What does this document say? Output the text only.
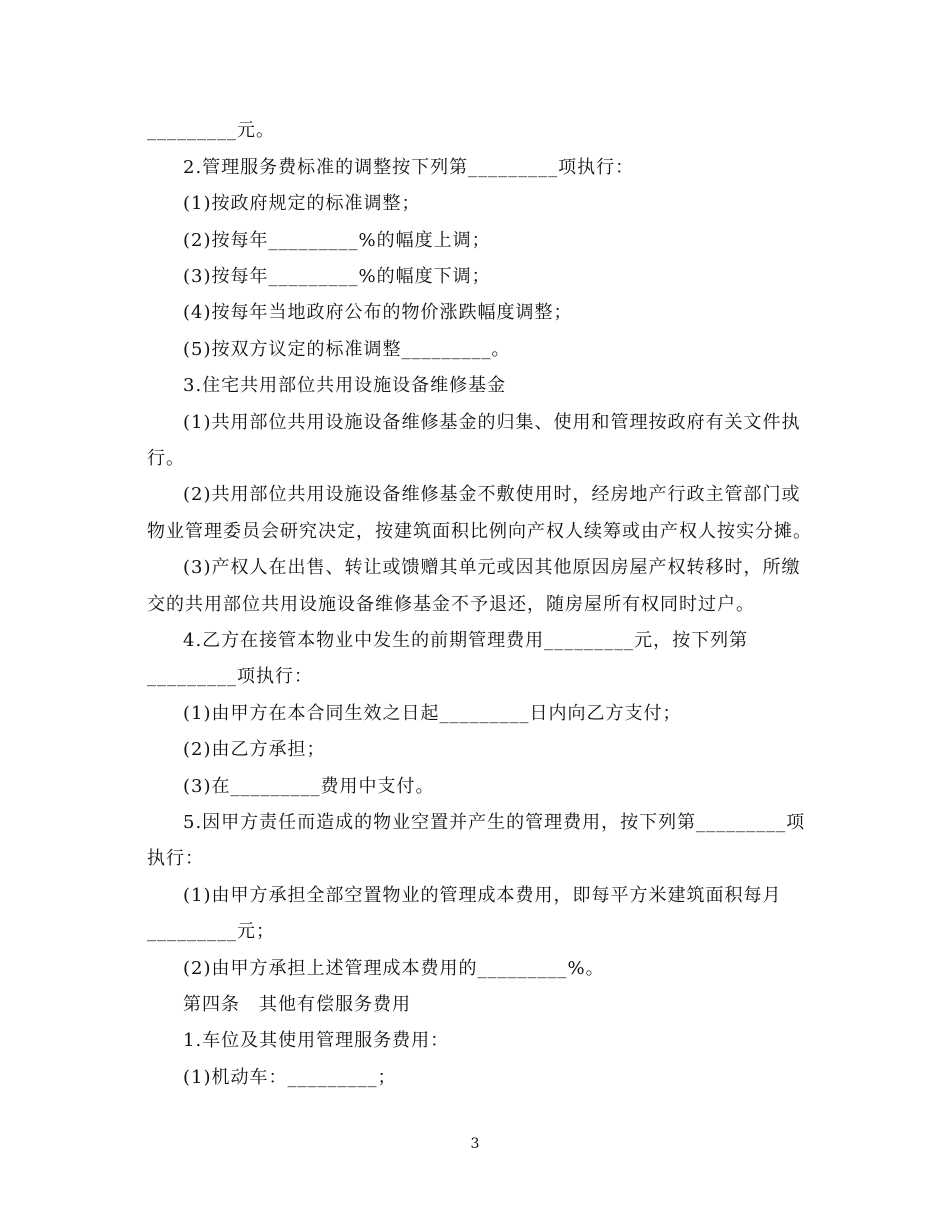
_________元。
2.管理服务费标准的调整按下列第_________项执行：
(1)按政府规定的标准调整；
(2)按每年_________%的幅度上调；
(3)按每年_________%的幅度下调；
(4)按每年当地政府公布的物价涨跌幅度调整；
(5)按双方议定的标准调整_________。
3.住宅共用部位共用设施设备维修基金
(1)共用部位共用设施设备维修基金的归集、使用和管理按政府有关文件执
行。
(2)共用部位共用设施设备维修基金不敷使用时，经房地产行政主管部门或
物业管理委员会研究决定，按建筑面积比例向产权人续筹或由产权人按实分摊。
(3)产权人在出售、转让或馈赠其单元或因其他原因房屋产权转移时，所缴
交的共用部位共用设施设备维修基金不予退还，随房屋所有权同时过户。
4.乙方在接管本物业中发生的前期管理费用_________元，按下列第
_________项执行：
(1)由甲方在本合同生效之日起_________日内向乙方支付；
(2)由乙方承担；
(3)在_________费用中支付。
5.因甲方责任而造成的物业空置并产生的管理费用，按下列第_________项
执行：
(1)由甲方承担全部空置物业的管理成本费用，即每平方米建筑面积每月
_________元；
(2)由甲方承担上述管理成本费用的_________%。
第四条　其他有偿服务费用
1.车位及其使用管理服务费用：
(1)机动车：_________；
3
